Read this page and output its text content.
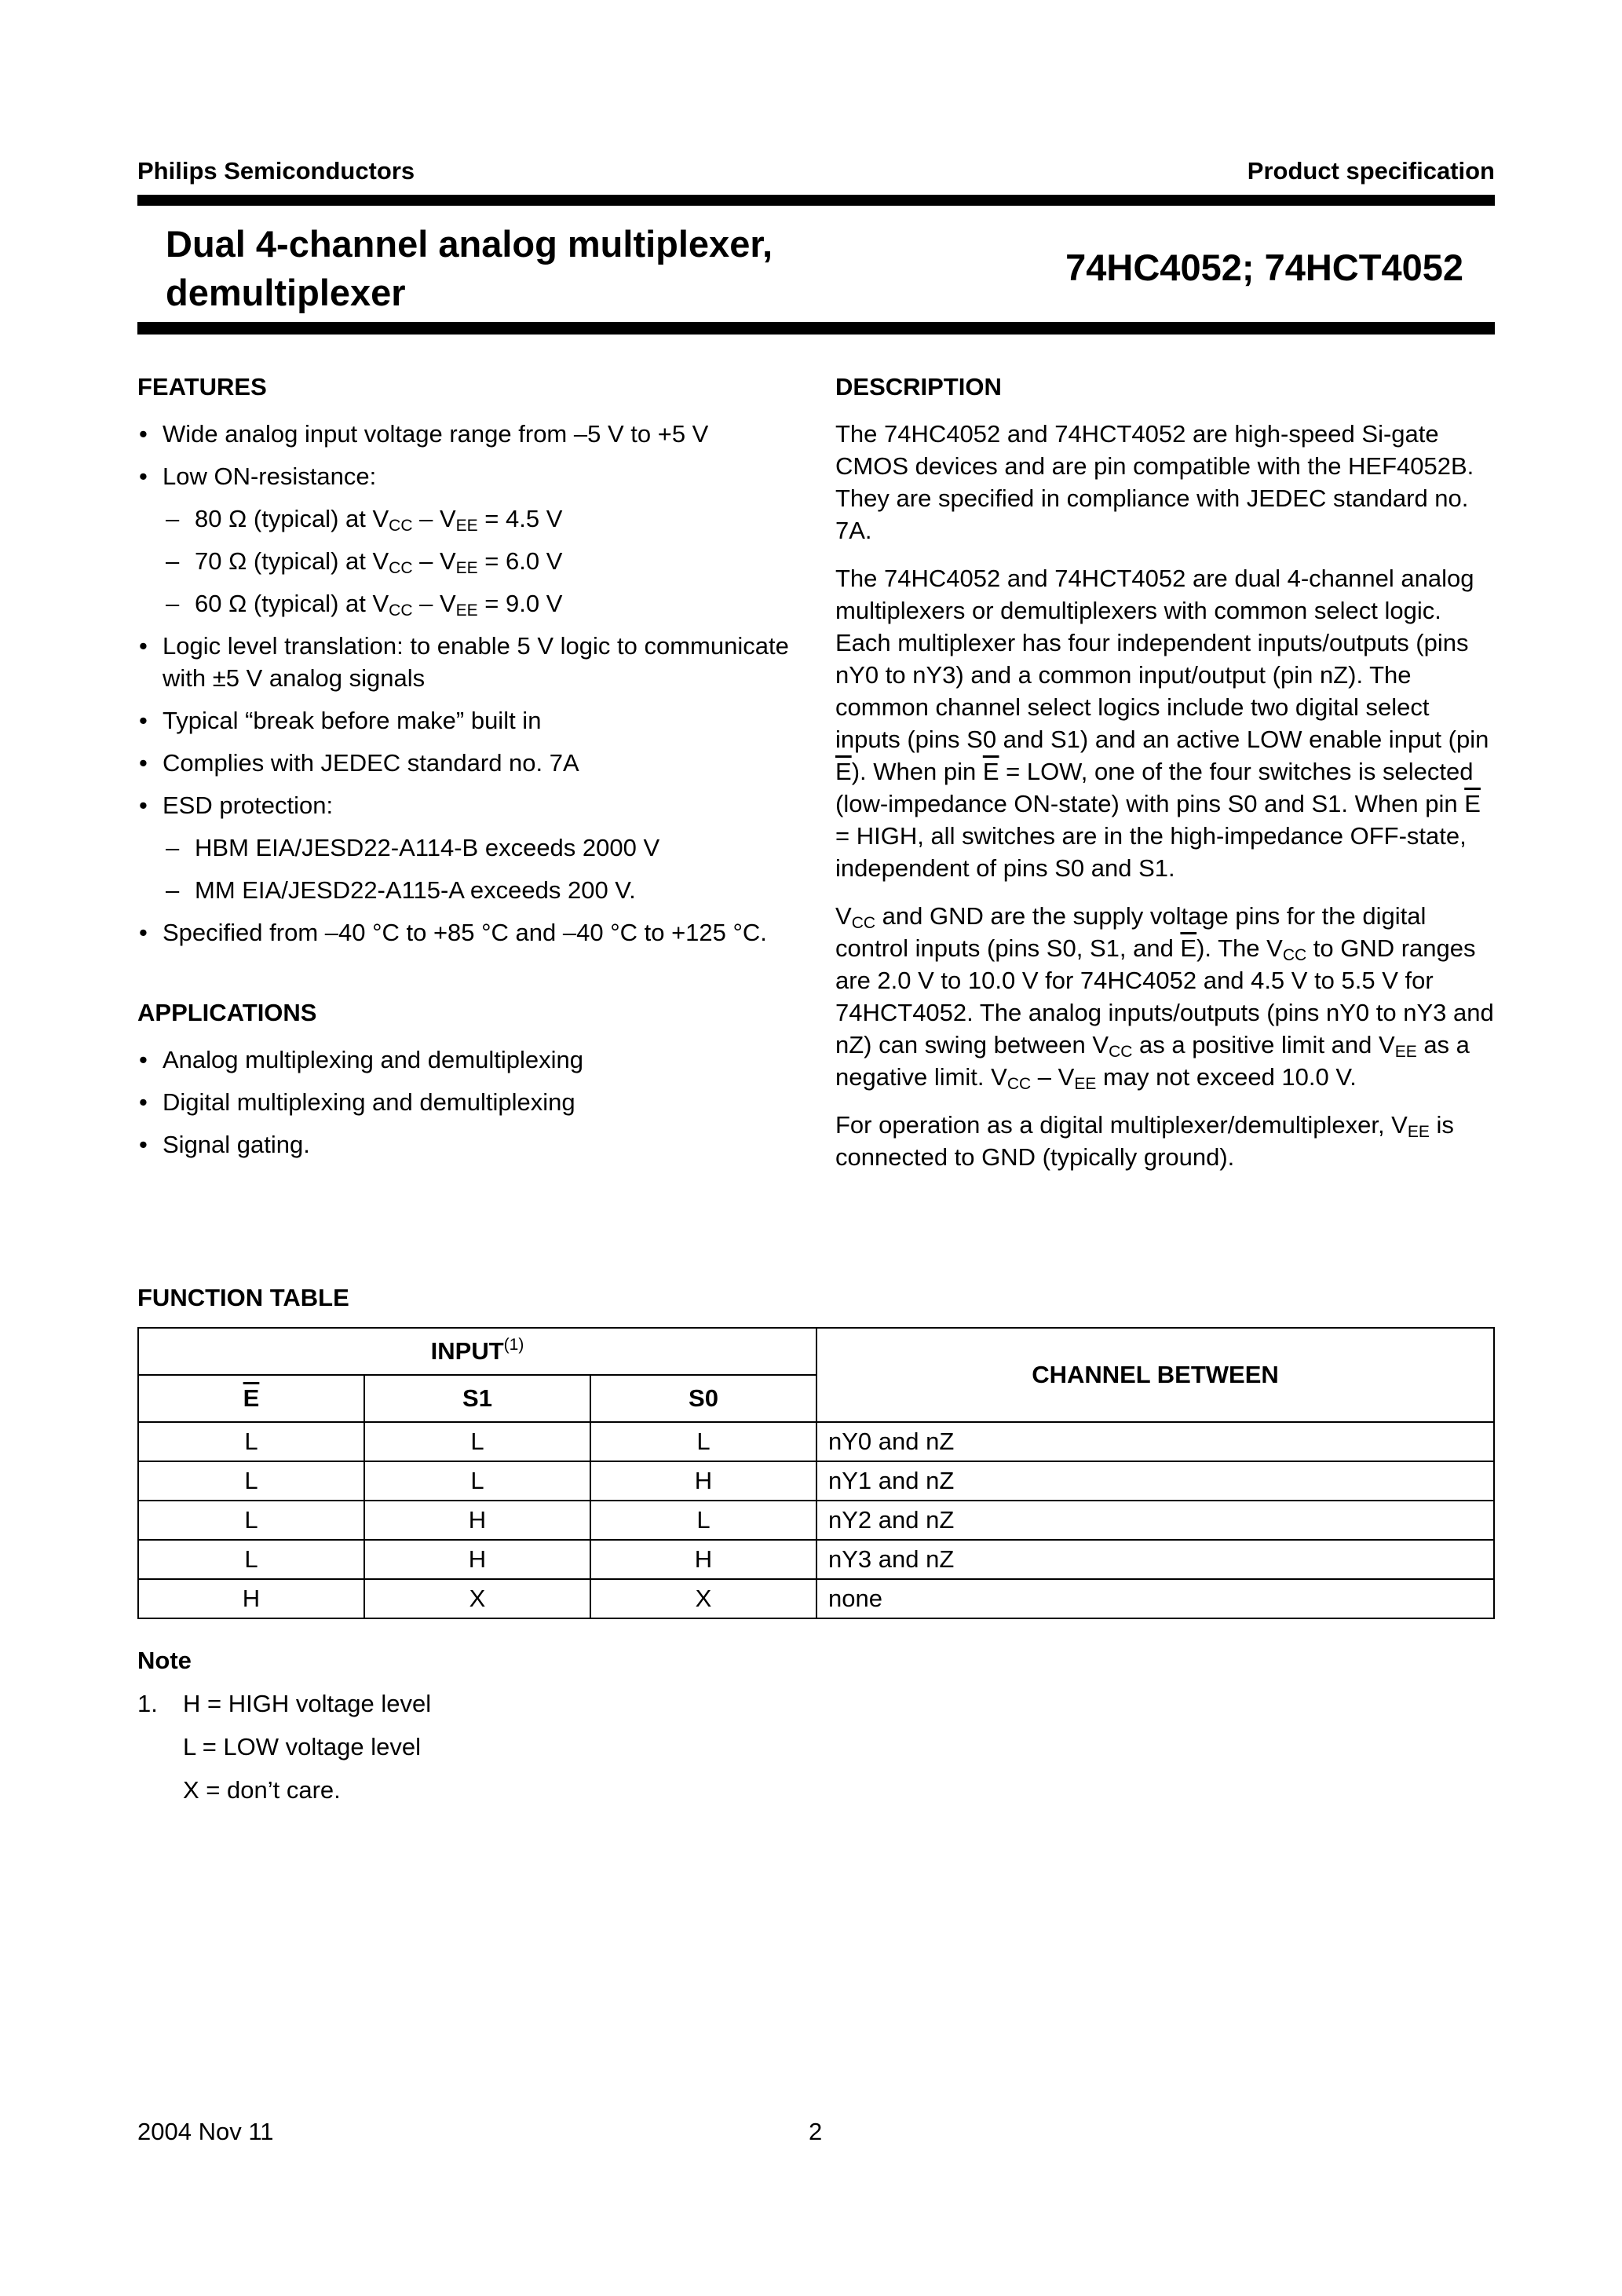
Philips Semiconductors	Product specification
Dual 4-channel analog multiplexer,
demultiplexer
74HC4052; 74HCT4052
FEATURES
• Wide analog input voltage range from –5 V to +5 V
• Low ON-resistance:
– 80 Ω (typical) at $V_{CC} - V_{EE} = 4.5$ V
– 70 Ω (typical) at $V_{CC} - V_{EE} = 6.0$ V
– 60 Ω (typical) at $V_{CC} - V_{EE} = 9.0$ V
• Logic level translation: to enable 5 V logic to communicate with ±5 V analog signals
• Typical “break before make” built in
• Complies with JEDEC standard no. 7A
• ESD protection:
– HBM EIA/JESD22-A114-B exceeds 2000 V
– MM EIA/JESD22-A115-A exceeds 200 V.
• Specified from –40 °C to +85 °C and –40 °C to +125 °C.
APPLICATIONS
• Analog multiplexing and demultiplexing
• Digital multiplexing and demultiplexing
• Signal gating.
DESCRIPTION

The 74HC4052 and 74HCT4052 are high-speed Si-gate CMOS devices and are pin compatible with the HEF4052B. They are specified in compliance with JEDEC standard no. 7A.

The 74HC4052 and 74HCT4052 are dual 4-channel analog multiplexers or demultiplexers with common select logic. Each multiplexer has four independent inputs/outputs (pins nY0 to nY3) and a common input/output (pin nZ). The common channel select logics include two digital select inputs (pins S0 and S1) and an active LOW enable input (pin $\overline{E}$). When pin $\overline{E}$ = LOW, one of the four switches is selected (low-impedance ON-state) with pins S0 and S1. When pin $\overline{E}$ = HIGH, all switches are in the high-impedance OFF-state, independent of pins S0 and S1.

$V_{CC}$ and GND are the supply voltage pins for the digital control inputs (pins S0, S1, and $\overline{E}$). The $V_{CC}$ to GND ranges are 2.0 V to 10.0 V for 74HC4052 and 4.5 V to 5.5 V for 74HCT4052. The analog inputs/outputs (pins nY0 to nY3 and nZ) can swing between $V_{CC}$ as a positive limit and $V_{EE}$ as a negative limit. $V_{CC} - V_{EE}$ may not exceed 10.0 V.

For operation as a digital multiplexer/demultiplexer, $V_{EE}$ is connected to GND (typically ground).

FUNCTION TABLE
INPUT$^{(1)}$			CHANNEL BETWEEN
$\overline{E}$	S1	S0	
L	L	L	nY0 and nZ
L	L	H	nY1 and nZ
L	H	L	nY2 and nZ
L	H	H	nY3 and nZ
H	X	X	none
Note
1. H = HIGH voltage level
L = LOW voltage level
X = don’t care.
2004 Nov 11	2
